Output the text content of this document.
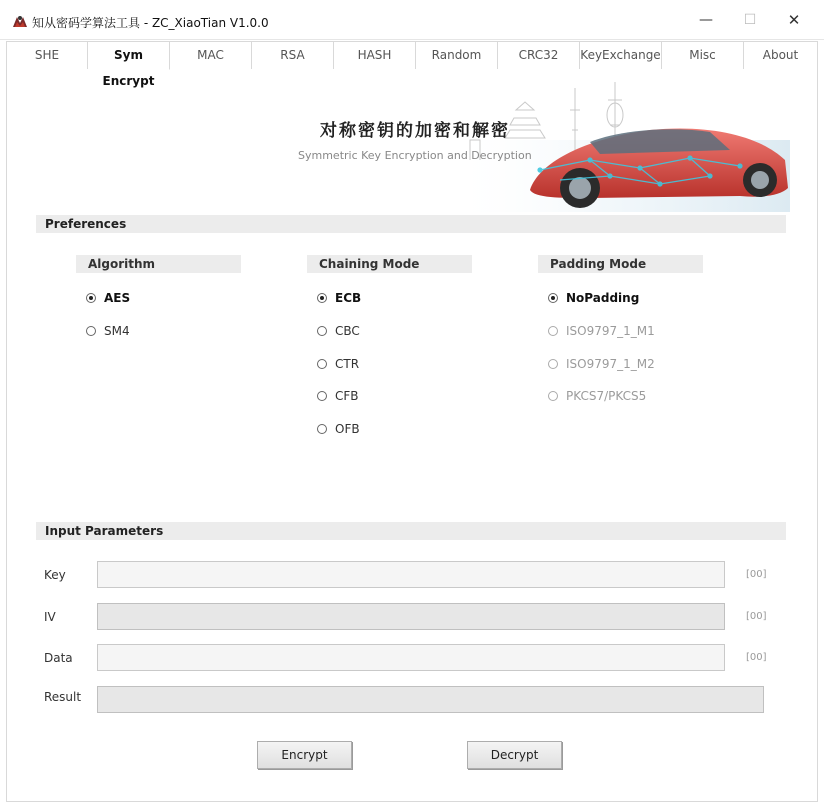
知从密码学算法工具 - ZC_XiaoTian V1.0.0	—	☐	✕
SHE	Sym Encrypt
MAC	RSA	HASH	Random	CRC32	KeyExchange	Misc	About
对称密钥的加密和解密
Symmetric Key Encryption and Decryption
Preferences
Algorithm	Chaining Mode	Padding Mode
AES
SM4
ECB
CBC
CTR
CFB
OFB
NoPadding
ISO9797_1_M1
ISO9797_1_M2
PKCS7/PKCS5
Input Parameters
Key	[00]
IV	[00]
Data	[00]
Result
Encrypt	Decrypt
